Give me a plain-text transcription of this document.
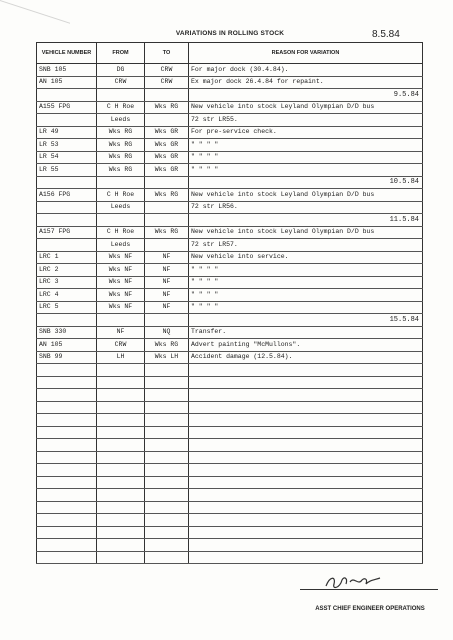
VARIATIONS IN ROLLING STOCK	8.5.84
VEHICLE NUMBER	FROM	TO	REASON FOR VARIATION
SNB 105	DG	CRW	For major dock (30.4.84).
AN 105	CRW	CRW	Ex major dock 26.4.84 for repaint.
			9.5.84
A155 FPG	C H Roe	Wks RG	New vehicle into stock Leyland Olympian D/D bus
	Leeds		72 str LR55.
LR 49	Wks RG	Wks GR	For pre-service check.
LR 53	Wks RG	Wks GR	" " " "
LR 54	Wks RG	Wks GR	" " " "
LR 55	Wks RG	Wks GR	" " " "
			10.5.84
A156 FPG	C H Roe	Wks RG	New vehicle into stock Leyland Olympian D/D bus
	Leeds		72 str LR56.
			11.5.84
A157 FPG	C H Roe	Wks RG	New vehicle into stock Leyland Olympian D/D bus
	Leeds		72 str LR57.
LRC 1	Wks NF	NF	New vehicle into service.
LRC 2	Wks NF	NF	" " " "
LRC 3	Wks NF	NF	" " " "
LRC 4	Wks NF	NF	" " " "
LRC 5	Wks NF	NF	" " " "
			15.5.84
SNB 330	NF	NQ	Transfer.
AN 105	CRW	Wks RG	Advert painting "McMullons".
SNB 99	LH	Wks LH	Accident damage (12.5.84).

ASST CHIEF ENGINEER OPERATIONS
